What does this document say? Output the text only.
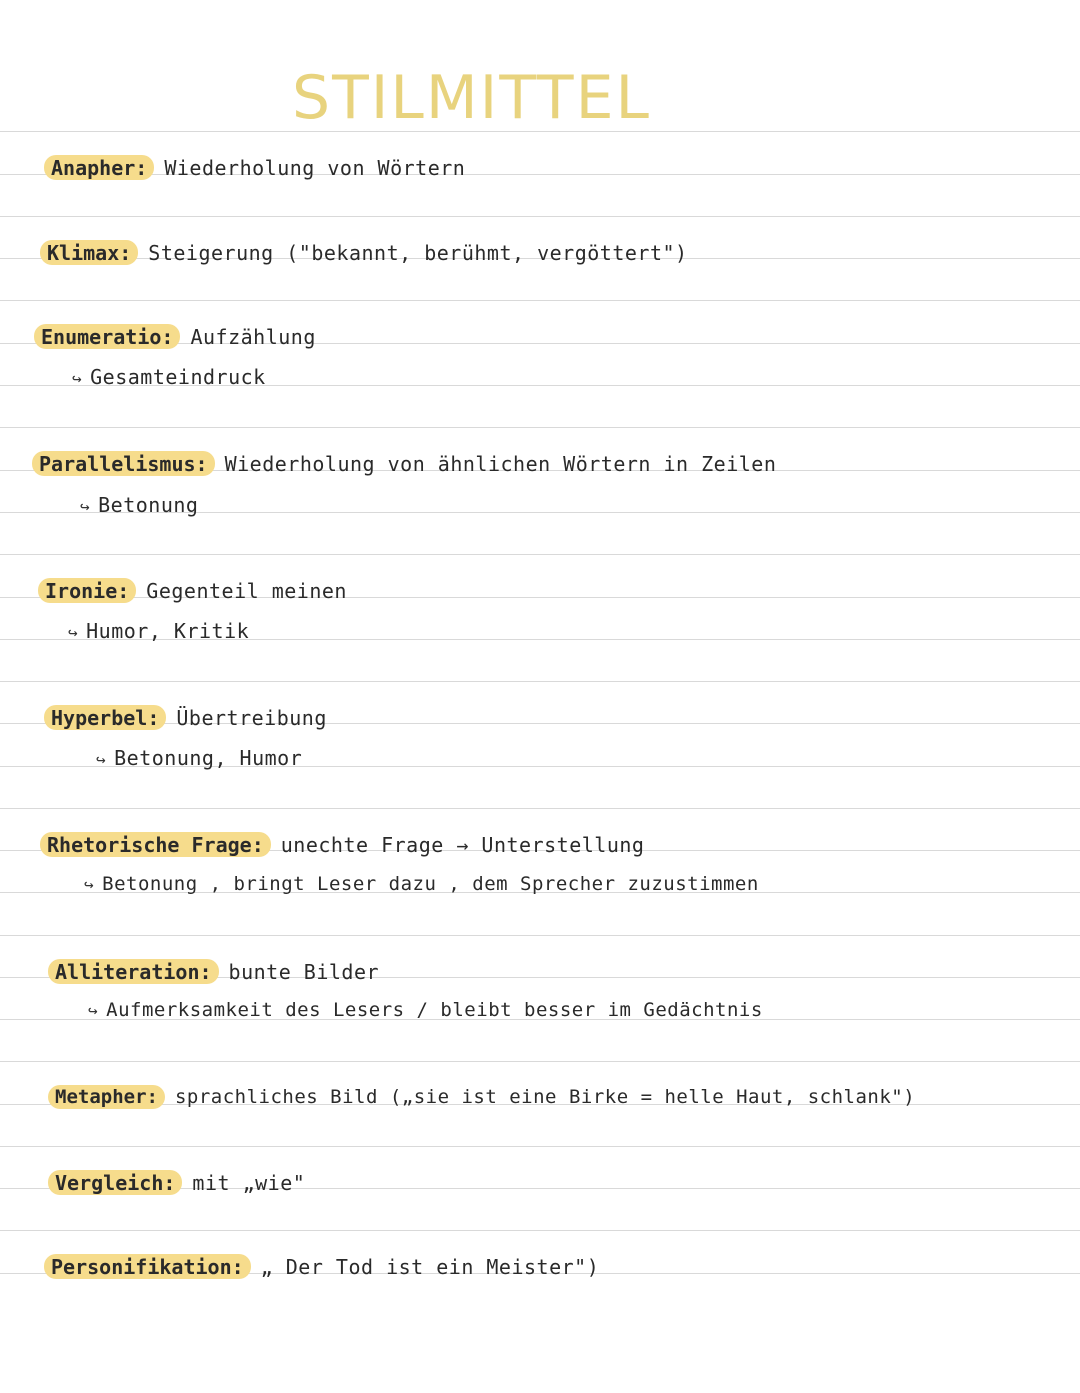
STILMITTEL
Anapher: Wiederholung von Wörtern
Klimax: Steigerung ("bekannt, berühmt, vergöttert")
Enumeratio: Aufzählung
↪ Gesamteindruck
Parallelismus: Wiederholung von ähnlichen Wörtern in Zeilen
↪ Betonung
Ironie: Gegenteil meinen
↪ Humor, Kritik
Hyperbel: Übertreibung
↪ Betonung, Humor
Rhetorische Frage: unechte Frage → Unterstellung
↪ Betonung , bringt Leser dazu , dem Sprecher zuzustimmen
Alliteration: bunte Bilder
↪ Aufmerksamkeit des Lesers / bleibt besser im Gedächtnis
Metapher: sprachliches Bild („sie ist eine Birke = helle Haut, schlank")
Vergleich: mit „wie"
Personifikation: „ Der Tod ist ein Meister")
